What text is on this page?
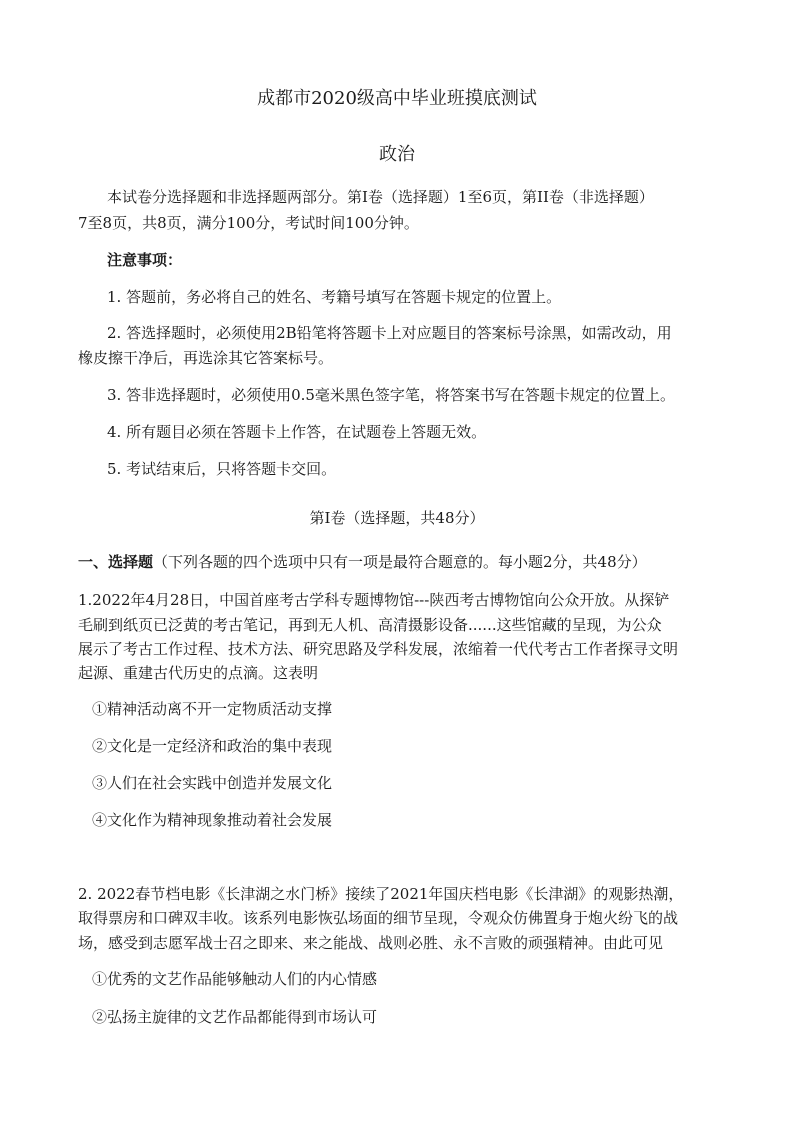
成都市2020级高中毕业班摸底测试
政治
本试卷分选择题和非选择题两部分。第I卷（选择题）1至6页，第II卷（非选择题）
7至8页，共8页，满分100分，考试时间100分钟。
注意事项：
1. 答题前，务必将自己的姓名、考籍号填写在答题卡规定的位置上。
2. 答选择题时，必须使用2B铅笔将答题卡上对应题目的答案标号涂黑，如需改动，用
橡皮擦干净后，再选涂其它答案标号。
3. 答非选择题时，必须使用0.5毫米黑色签字笔，将答案书写在答题卡规定的位置上。
4. 所有题目必须在答题卡上作答，在试题卷上答题无效。
5. 考试结束后，只将答题卡交回。
第I卷（选择题，共48分）
一、选择题（下列各题的四个选项中只有一项是最符合题意的。每小题2分，共48分）
1.2022年4月28日，中国首座考古学科专题博物馆---陕西考古博物馆向公众开放。从探铲
毛刷到纸页已泛黄的考古笔记，再到无人机、高清摄影设备......这些馆藏的呈现，为公众
展示了考古工作过程、技术方法、研究思路及学科发展，浓缩着一代代考古工作者探寻文明
起源、重建古代历史的点滴。这表明
①精神活动离不开一定物质活动支撑
②文化是一定经济和政治的集中表现
③人们在社会实践中创造并发展文化
④文化作为精神现象推动着社会发展
2. 2022春节档电影《长津湖之水门桥》接续了2021年国庆档电影《长津湖》的观影热潮，
取得票房和口碑双丰收。该系列电影恢弘场面的细节呈现，令观众仿佛置身于炮火纷飞的战
场，感受到志愿军战士召之即来、来之能战、战则必胜、永不言败的顽强精神。由此可见
①优秀的文艺作品能够触动人们的内心情感
②弘扬主旋律的文艺作品都能得到市场认可
